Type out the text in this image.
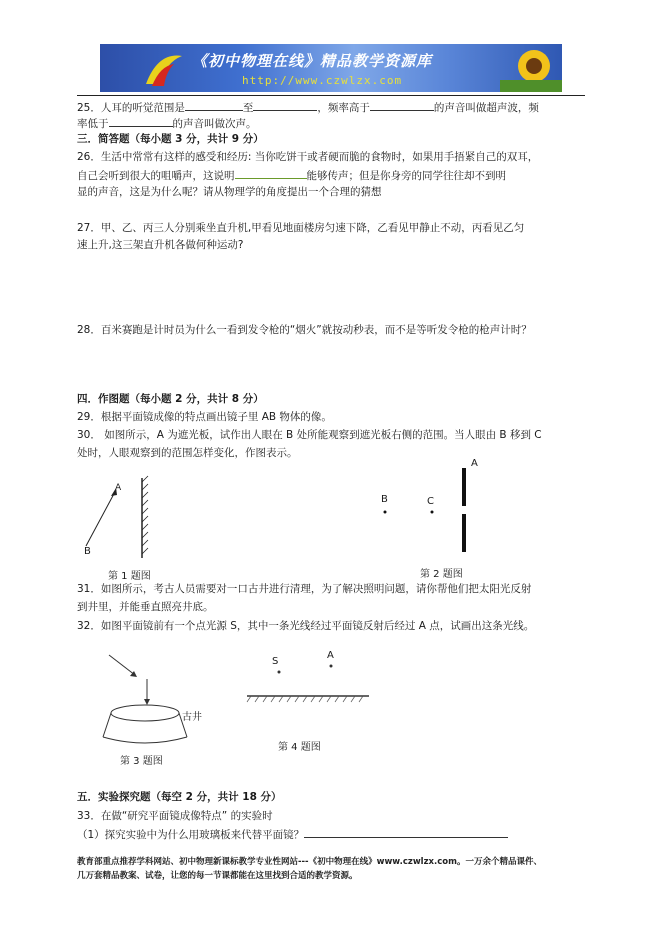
《初中物理在线》精品教学资源库
http://www.czwlzx.com
25．人耳的听觉范围是	至	，频率高于	的声音叫做超声波，频
率低于	的声音叫做次声。
三．简答题（每小题 3 分，共计 9 分）
26．生活中常常有这样的感受和经历: 当你吃饼干或者硬而脆的食物时，如果用手捂紧自己的双耳，
自己会听到很大的咀嚼声，这说明	能够传声；但是你身旁的同学往往却不到明
显的声音，这是为什么呢？请从物理学的角度提出一个合理的猜想
27．甲、乙、丙三人分别乘坐直升机,甲看见地面楼房匀速下降，乙看见甲静止不动，丙看见乙匀
速上升,这三架直升机各做何种运动?
28．百米赛跑是计时员为什么一看到发令枪的“烟火”就按动秒表，而不是等听发令枪的枪声计时？
四．作图题（每小题 2 分，共计 8 分）
29．根据平面镜成像的特点画出镜子里 AB 物体的像。
30． 如图所示，A 为遮光板，试作出人眼在 B 处所能观察到遮光板右侧的范围。当人眼由 B 移到 C
处时，人眼观察到的范围怎样变化，作图表示。
A
B
第 1 题图
A
B	C
第 2 题图
31．如图所示，考古人员需要对一口古井进行清理，为了解决照明问题，请你帮他们把太阳光反射
到井里，并能垂直照亮井底。
32．如图平面镜前有一个点光源 S，其中一条光线经过平面镜反射后经过 A 点，试画出这条光线。
古井
第 3 题图
S
A
第 4 题图
五．实验探究题（每空 2 分，共计 18 分）
33．在做“研究平面镜成像特点” 的实验时
（1）探究实验中为什么用玻璃板来代替平面镜？
教育部重点推荐学科网站、初中物理新课标教学专业性网站---《初中物理在线》www.czwlzx.com。一万余个精品课件、
几万套精品教案、试卷，让您的每一节课都能在这里找到合适的教学资源。
